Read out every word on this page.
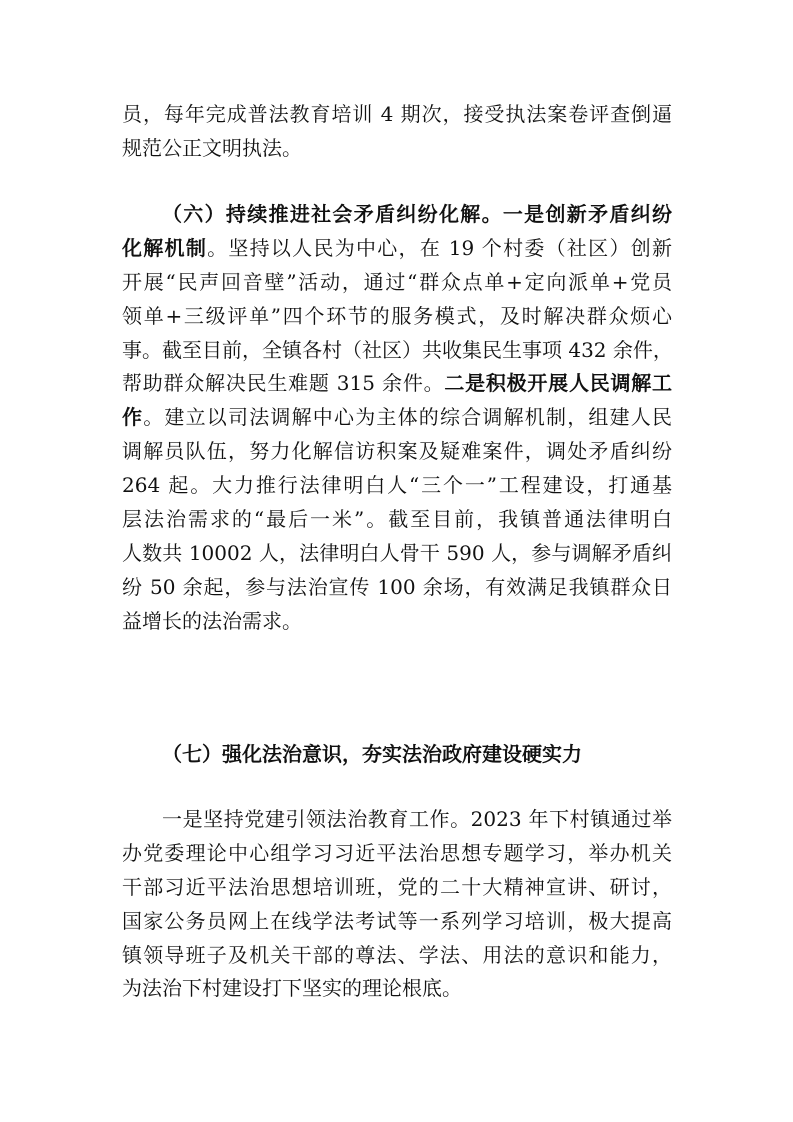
员，每年完成普法教育培训 4 期次，接受执法案卷评查倒逼
规范公正文明执法。
（六）持续推进社会矛盾纠纷化解。一是创新矛盾纠纷
化解机制。坚持以人民为中心，在 19 个村委（社区）创新
开展“民声回音壁”活动，通过“群众点单+定向派单+党员
领单+三级评单”四个环节的服务模式，及时解决群众烦心
事。截至目前，全镇各村（社区）共收集民生事项 432 余件，
帮助群众解决民生难题 315 余件。二是积极开展人民调解工
作。建立以司法调解中心为主体的综合调解机制，组建人民
调解员队伍，努力化解信访积案及疑难案件，调处矛盾纠纷
264 起。大力推行法律明白人“三个一”工程建设，打通基
层法治需求的“最后一米”。截至目前，我镇普通法律明白
人数共 10002 人，法律明白人骨干 590 人，参与调解矛盾纠
纷 50 余起，参与法治宣传 100 余场，有效满足我镇群众日
益增长的法治需求。
（七）强化法治意识，夯实法治政府建设硬实力
一是坚持党建引领法治教育工作。2023 年下村镇通过举
办党委理论中心组学习习近平法治思想专题学习，举办机关
干部习近平法治思想培训班，党的二十大精神宣讲、研讨，
国家公务员网上在线学法考试等一系列学习培训，极大提高
镇领导班子及机关干部的尊法、学法、用法的意识和能力，
为法治下村建设打下坚实的理论根底。
